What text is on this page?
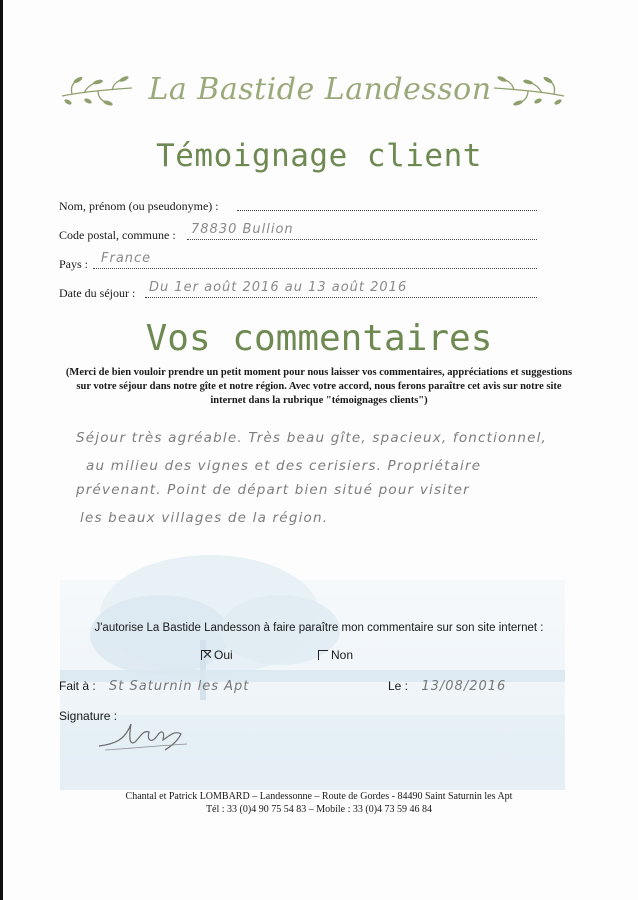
La Bastide Landesson
Témoignage client
Nom, prénom (ou pseudonyme) :
Code postal, commune : 78830 Bullion
Pays : France
Date du séjour : Du 1er août 2016 au 13 août 2016
Vos commentaires
(Merci de bien vouloir prendre un petit moment pour nous laisser vos commentaires, appréciations et suggestions sur votre séjour dans notre gîte et notre région. Avec votre accord, nous ferons paraître cet avis sur notre site internet dans la rubrique "témoignages clients")
Séjour très agréable. Très beau gîte, spacieux, fonctionnel,
au milieu des vignes et des cerisiers. Propriétaire
prévenant. Point de départ bien situé pour visiter
les beaux villages de la région.
J'autorise La Bastide Landesson à faire paraître mon commentaire sur son site internet :
✕ Oui	Non
Fait à : St Saturnin les Apt	Le : 13/08/2016
Signature :
Chantal et Patrick LOMBARD – Landessonne – Route de Gordes - 84490 Saint Saturnin les Apt
Tél : 33 (0)4 90 75 54 83 – Mobile : 33 (0)4 73 59 46 84
